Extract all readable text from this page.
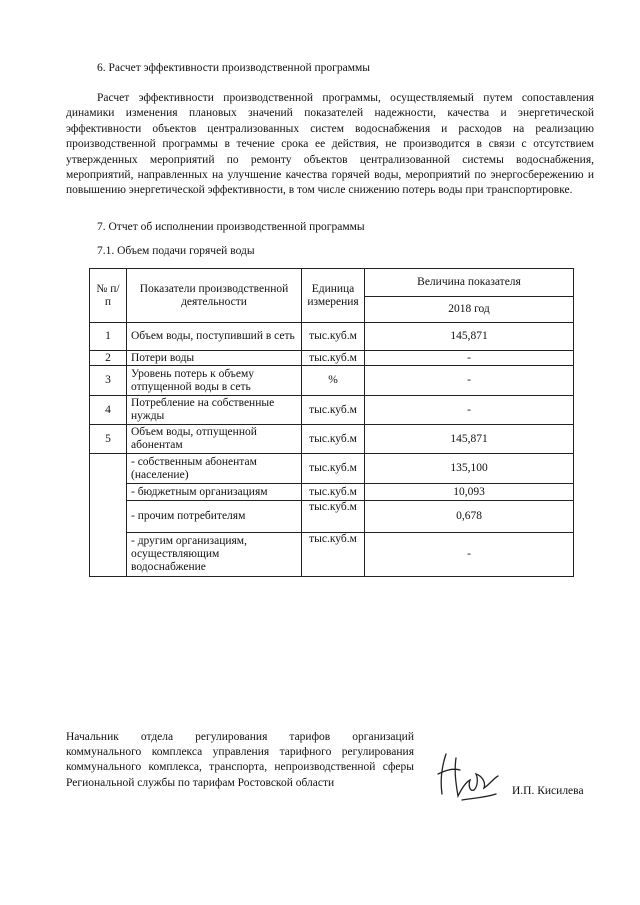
6. Расчет эффективности производственной программы
Расчет эффективности производственной программы, осуществляемый путем сопоставления динамики изменения плановых значений показателей надежности, качества и энергетической эффективности объектов централизованных систем водоснабжения и расходов на реализацию производственной программы в течение срока ее действия, не производится в связи с отсутствием утвержденных мероприятий по ремонту объектов централизованной системы водоснабжения, мероприятий, направленных на улучшение качества горячей воды, мероприятий по энергосбережению и повышению энергетической эффективности, в том числе снижению потерь воды при транспортировке.
7. Отчет об исполнении производственной программы
7.1. Объем подачи горячей воды
№ п/п	Показатели производственной деятельности	Единица измерения	Величина показателя
			2018 год
1	Объем воды, поступивший в сеть	тыс.куб.м	145,871
2	Потери воды	тыс.куб.м	-
3	Уровень потерь к объему отпущенной воды в сеть	%	-
4	Потребление на собственные нужды	тыс.куб.м	-
5	Объем воды, отпущенной абонентам	тыс.куб.м	145,871
	- собственным абонентам (население)	тыс.куб.м	135,100
	- бюджетным организациям	тыс.куб.м	10,093
	- прочим потребителям	тыс.куб.м	0,678
	- другим организациям, осуществляющим водоснабжение	тыс.куб.м	-
Начальник отдела регулирования тарифов организаций коммунального комплекса управления тарифного регулирования коммунального комплекса, транспорта, непроизводственной сферы Региональной службы по тарифам Ростовской области
И.П. Кисилева
